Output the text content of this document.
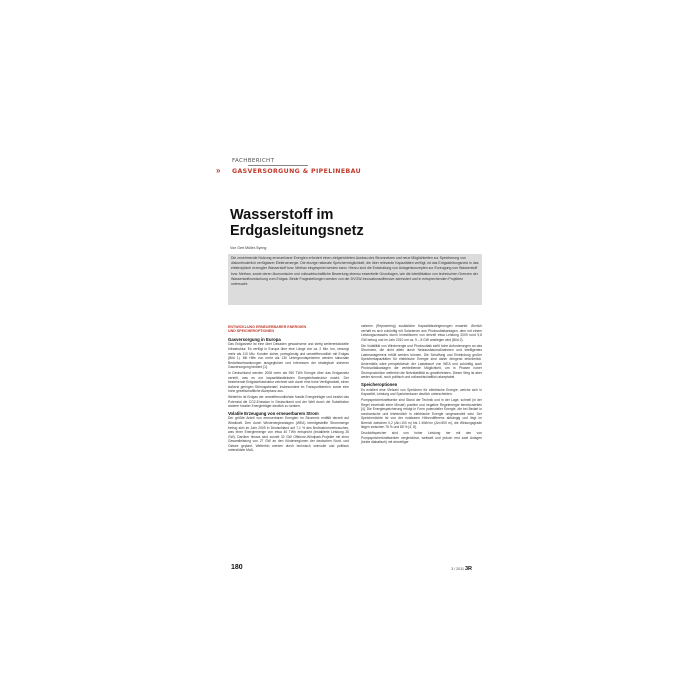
FACHBERICHT
» GASVERSORGUNG & PIPELINEBAU
Wasserstoff im
Erdgasleitungsnetz
Von Gert Müller-Syring
Die zunehmende Nutzung erneuerbarer Energien erfordert einen zielgerichteten Ausbau des Stromnetzes und neue Möglichkeiten zur Speicherung von diskontinuierlich verfügbarer Elektroenergie. Die einzige rationale Speichermöglichkeit, die über relevante Kapazitäten verfügt, ist das Erdgasleitungsnetz in das elektrolytisch erzeugter Wasserstoff bzw. Methan eingespeist werden kann. Hierzu sind die Entwicklung von Anlagenkonzepten zur Erzeugung von Wasserstoff bzw. Methan, sowie deren ökonomische und volkswirtschaftliche Bewertung ebenso essentielle Grundlagen, wie die Identifikation von technischen Grenzen der Wasserstoffzumischung zum Erdgas. Beide Fragestellungen werden von der DVGW-Innovationsoffensive adressiert und in entsprechenden Projekten untersucht.
ENTWICKLUNG ERNEUERBARER ENERGIEN
UND SPEICHEROPTIONEN
Gasversorgung in Europa

Das Erdgasnetz ist eine über Dekaden gewachsene und stetig weiterentwickelte Infrastruktur. Es verfügt in Europa über eine Länge von ca. 2 Mio. km, versorgt mehr als 110 Mio. Kunden sicher, preisgünstig und umweltfreundlich mit Erdgas (Bild 1). Mit Hilfe von mehr als 130 Untergrundspeichern werden saisonale Bedarfsschwankungen ausgeglichen und Interessen der strategisch sicheren Gasversorgung bedient [1].

In Deutschland werden 2008 mehr als 930 TWh Energie über das Erdgasnetz verteilt, was es zur kapazitätsstärksten Energieinfrastruktur macht. Der bestehende Erdgasinfrastruktur zeichnet sich durch eine hohe Verfügbarkeit, einen äußerst geringen Störungsbedarf, insbesondere im Transportbereich, sowie eine hohe gesellschaftliche Akzeptanz aus.

Weiterhin ist Erdgas der umweltfreundlichste fossile Energieträger und besitzt das Potenzial die CO2-Emission in Deutschland und der Welt durch die Substitution anderer fossiler Energieträger deutlich zu senken.

Volatile Erzeugung von erneuerbarem Strom

Der größte Anteil von erneuerbaren Energien im Strommix entfällt derzeit auf Windkraft. Den durch Windenergieanlagen (WEA) bereitgestellte Strommenge betrug sich im Jahr 2009 in Deutschland auf 7,1 % des Bruttostromverbrauches, was einer Energiemenge von etwa 40 TWh entspricht (installierte Leistung 26 GW). Darüber hinaus sind zurzeit 32 GW Offshore-Windpark-Projekte mit einer Gesamtleistung von 27 GW an den Küstenregionen der deutschen Nord- und Ostsee geplant. Weiterhin werden durch technisch sinnvolle und politisch unterstützte Maß-

nahmen (Repowering) zusätzliche Kapazitätssteigerungen erwartet. Ähnlich verhält es sich zukünftig mit Solarstrom aus Photovoltaikanlagen, dem mit einem Leistungszuwachs durch Investitionen von derzeit etwa Leistung 2009 rund 9,8 GW betrug und im Jahr 2010 um ca. 9 – 8 GW anstiegen wird (Bild 2).

Die Volatilität von Windenergie und Photovoltaik stellt hohe Anforderungen an das Stromnetz, die nicht allein durch Netzausbaumaßnahmen und intelligentes Lastmanagement erfüllt werden können. Die Schaffung und Einbindung großer Speicherkapazitäten für elektrische Energie sind daher dringend erforderlich. Andernfalls wäre perspektivisch der Lastabwurf von WEA und zukünftig auch Photovoltaikanlagen die verbleibende Möglichkeit, um in Phasen hoher Stromproduktion weiterhin die Netzstabilität zu gewährleisten. Dieser Weg ist aber weder sinnvoll, noch politisch und volkswirtschaftlich akzeptabel.

Speicheroptionen

Es existiert eine Vielzahl von Speichern für elektrische Energie, welche sich in Kapazität, Leistung und Speicherdauer deutlich unterscheiden.

Pumpspeicherkraftwerke sind Stand der Technik und in der Lage, schnell (in der Regel innerhalb einer Minute) positive und negative Regelenergie bereitzustellen [4]. Die Energiespeicherung erfolgt in Form potenzieller Energie, die bei Bedarf in mechanische und letztendlich in elektrische Energie umgewandelt wird. Der Speicherdichte ist von der nutzbaren Höhendifferenz abhängig und liegt im Bereich zwischen 0,2 (Δh=100 m) bis 1 kWh/m³ (Δh=500 m), die Wirkungsgrade liegen zwischen 75 % und 85 % [4, 8].

Druckluftspeicher sind von hoher Leistung her mit den von Pumpspeicherkraftwerken vergleichbar, weltweit und jedoch erst zwei Anlagen (beide diabatisch) mit derzeitiger

180	3 / 2011 3R
